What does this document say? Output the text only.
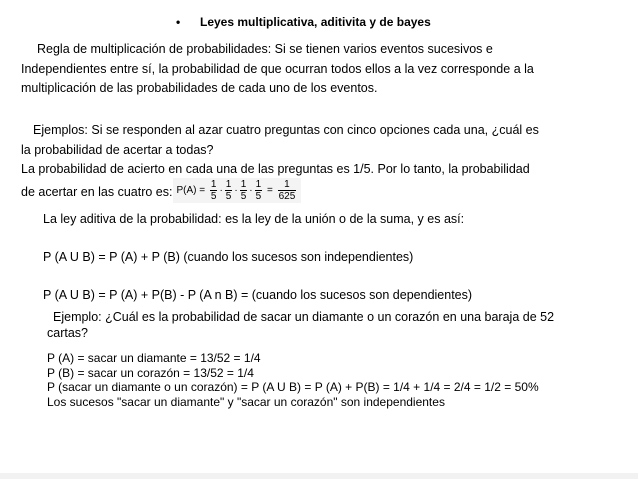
• Leyes multiplicativa, aditivita y de bayes
Regla de multiplicación de probabilidades: Si se tienen varios eventos sucesivos e
Independientes entre sí, la probabilidad de que ocurran todos ellos a la vez corresponde a la
multiplicación de las probabilidades de cada uno de los eventos.
Ejemplos: Si se responden al azar cuatro preguntas con cinco opciones cada una, ¿cuál es
la probabilidad de acertar a todas?
La probabilidad de acierto en cada una de las preguntas es 1/5. Por lo tanto, la probabilidad
de acertar en las cuatro es: $P(A) = \frac{1}{5} \cdot \frac{1}{5} \cdot \frac{1}{5} \cdot \frac{1}{5} = \frac{1}{625}$
La ley aditiva de la probabilidad: es la ley de la unión o de la suma, y es así:
P (A U B) = P (A) + P (B) (cuando los sucesos son independientes)
P (A U B) = P (A) + P(B) - P (A n B) = (cuando los sucesos son dependientes)
Ejemplo: ¿Cuál es la probabilidad de sacar un diamante o un corazón en una baraja de 52
cartas?
P (A) = sacar un diamante = 13/52 = 1/4
P (B) = sacar un corazón = 13/52 = 1/4
P (sacar un diamante o un corazón) = P (A U B) = P (A) + P(B) = 1/4 + 1/4 = 2/4 = 1/2 = 50%
Los sucesos "sacar un diamante" y "sacar un corazón" son independientes
